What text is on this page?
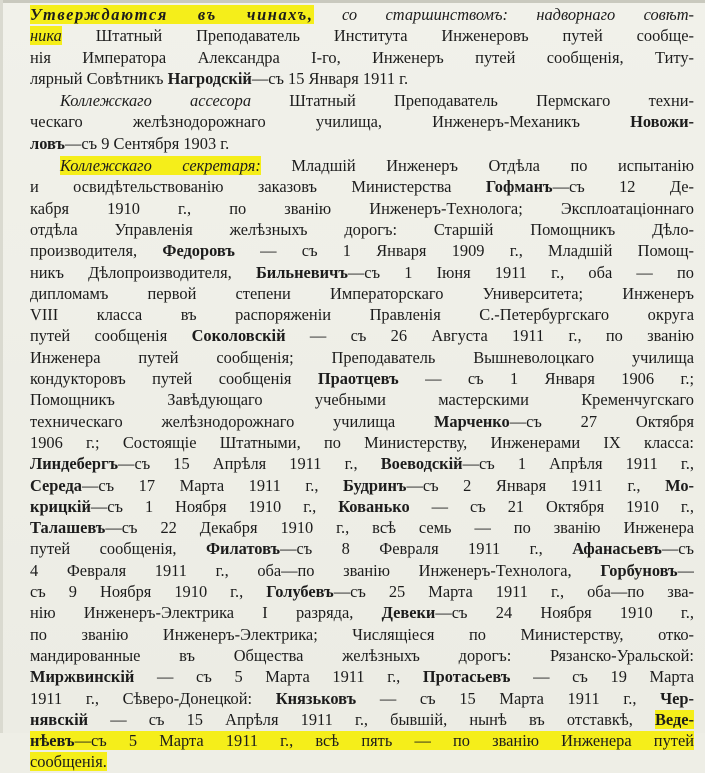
Утверждаются въ чинахъ, со старшинствомъ: надворнаго совѣт-
ника Штатный Преподаватель Института Инженеровъ путей сообще-
нія Императора Александра I-го, Инженеръ путей сообщенія, Титу-
лярный Совѣтникъ Нагродскій—съ 15 Января 1911 г.
Коллежскаго ассесора Штатный Преподаватель Пермскаго техни-
ческаго желѣзнодорожнаго училища, Инженеръ-Механикъ Новожи-
ловъ—съ 9 Сентября 1903 г.
Коллежскаго секретаря: Младшій Инженеръ Отдѣла по испытанію
и освидѣтельствованію заказовъ Министерства Гофманъ—съ 12 Де-
кабря 1910 г., по званію Инженеръ-Технолога; Эксплоатаціоннаго
отдѣла Управленія желѣзныхъ дорогъ: Старшій Помощникъ Дѣло-
производителя, Федоровъ — съ 1 Января 1909 г., Младшій Помощ-
никъ Дѣлопроизводителя, Бильневичъ—съ 1 Іюня 1911 г., оба — по
дипломамъ первой степени Императорскаго Университета; Инженеръ
VIII класса въ распоряженіи Правленія С.-Петербургскаго округа
путей сообщенія Соколовскій — съ 26 Августа 1911 г., по званію
Инженера путей сообщенія; Преподаватель Вышневолоцкаго училища
кондукторовъ путей сообщенія Праотцевъ — съ 1 Января 1906 г.;
Помощникъ Завѣдующаго учебными мастерскими Кременчугскаго
техническаго желѣзнодорожнаго училища Марченко—съ 27 Октября
1906 г.; Состоящіе Штатными, по Министерству, Инженерами IX класса:
Линдебергъ—съ 15 Апрѣля 1911 г., Воеводскій—съ 1 Апрѣля 1911 г.,
Середа—съ 17 Марта 1911 г., Будринъ—съ 2 Января 1911 г., Мо-
крицкій—съ 1 Ноября 1910 г., Кованько — съ 21 Октября 1910 г.,
Талашевъ—съ 22 Декабря 1910 г., всѣ семь — по званію Инженера
путей сообщенія, Филатовъ—съ 8 Февраля 1911 г., Афанасьевъ—съ
4 Февраля 1911 г., оба—по званію Инженеръ-Технолога, Горбуновъ—
съ 9 Ноября 1910 г., Голубевъ—съ 25 Марта 1911 г., оба—по зва-
нію Инженеръ-Электрика I разряда, Девеки—съ 24 Ноября 1910 г.,
по званію Инженеръ-Электрика; Числящіеся по Министерству, отко-
мандированные въ Общества желѣзныхъ дорогъ: Рязанско-Уральской:
Миржвинскій — съ 5 Марта 1911 г., Протасьевъ — съ 19 Марта
1911 г., Сѣверо-Донецкой: Князьковъ — съ 15 Марта 1911 г., Чер-
нявскій — съ 15 Апрѣля 1911 г., бывшій, нынѣ въ отставкѣ, Веде-
нѣевъ—съ 5 Марта 1911 г., всѣ пять — по званію Инженера путей
сообщенія.
